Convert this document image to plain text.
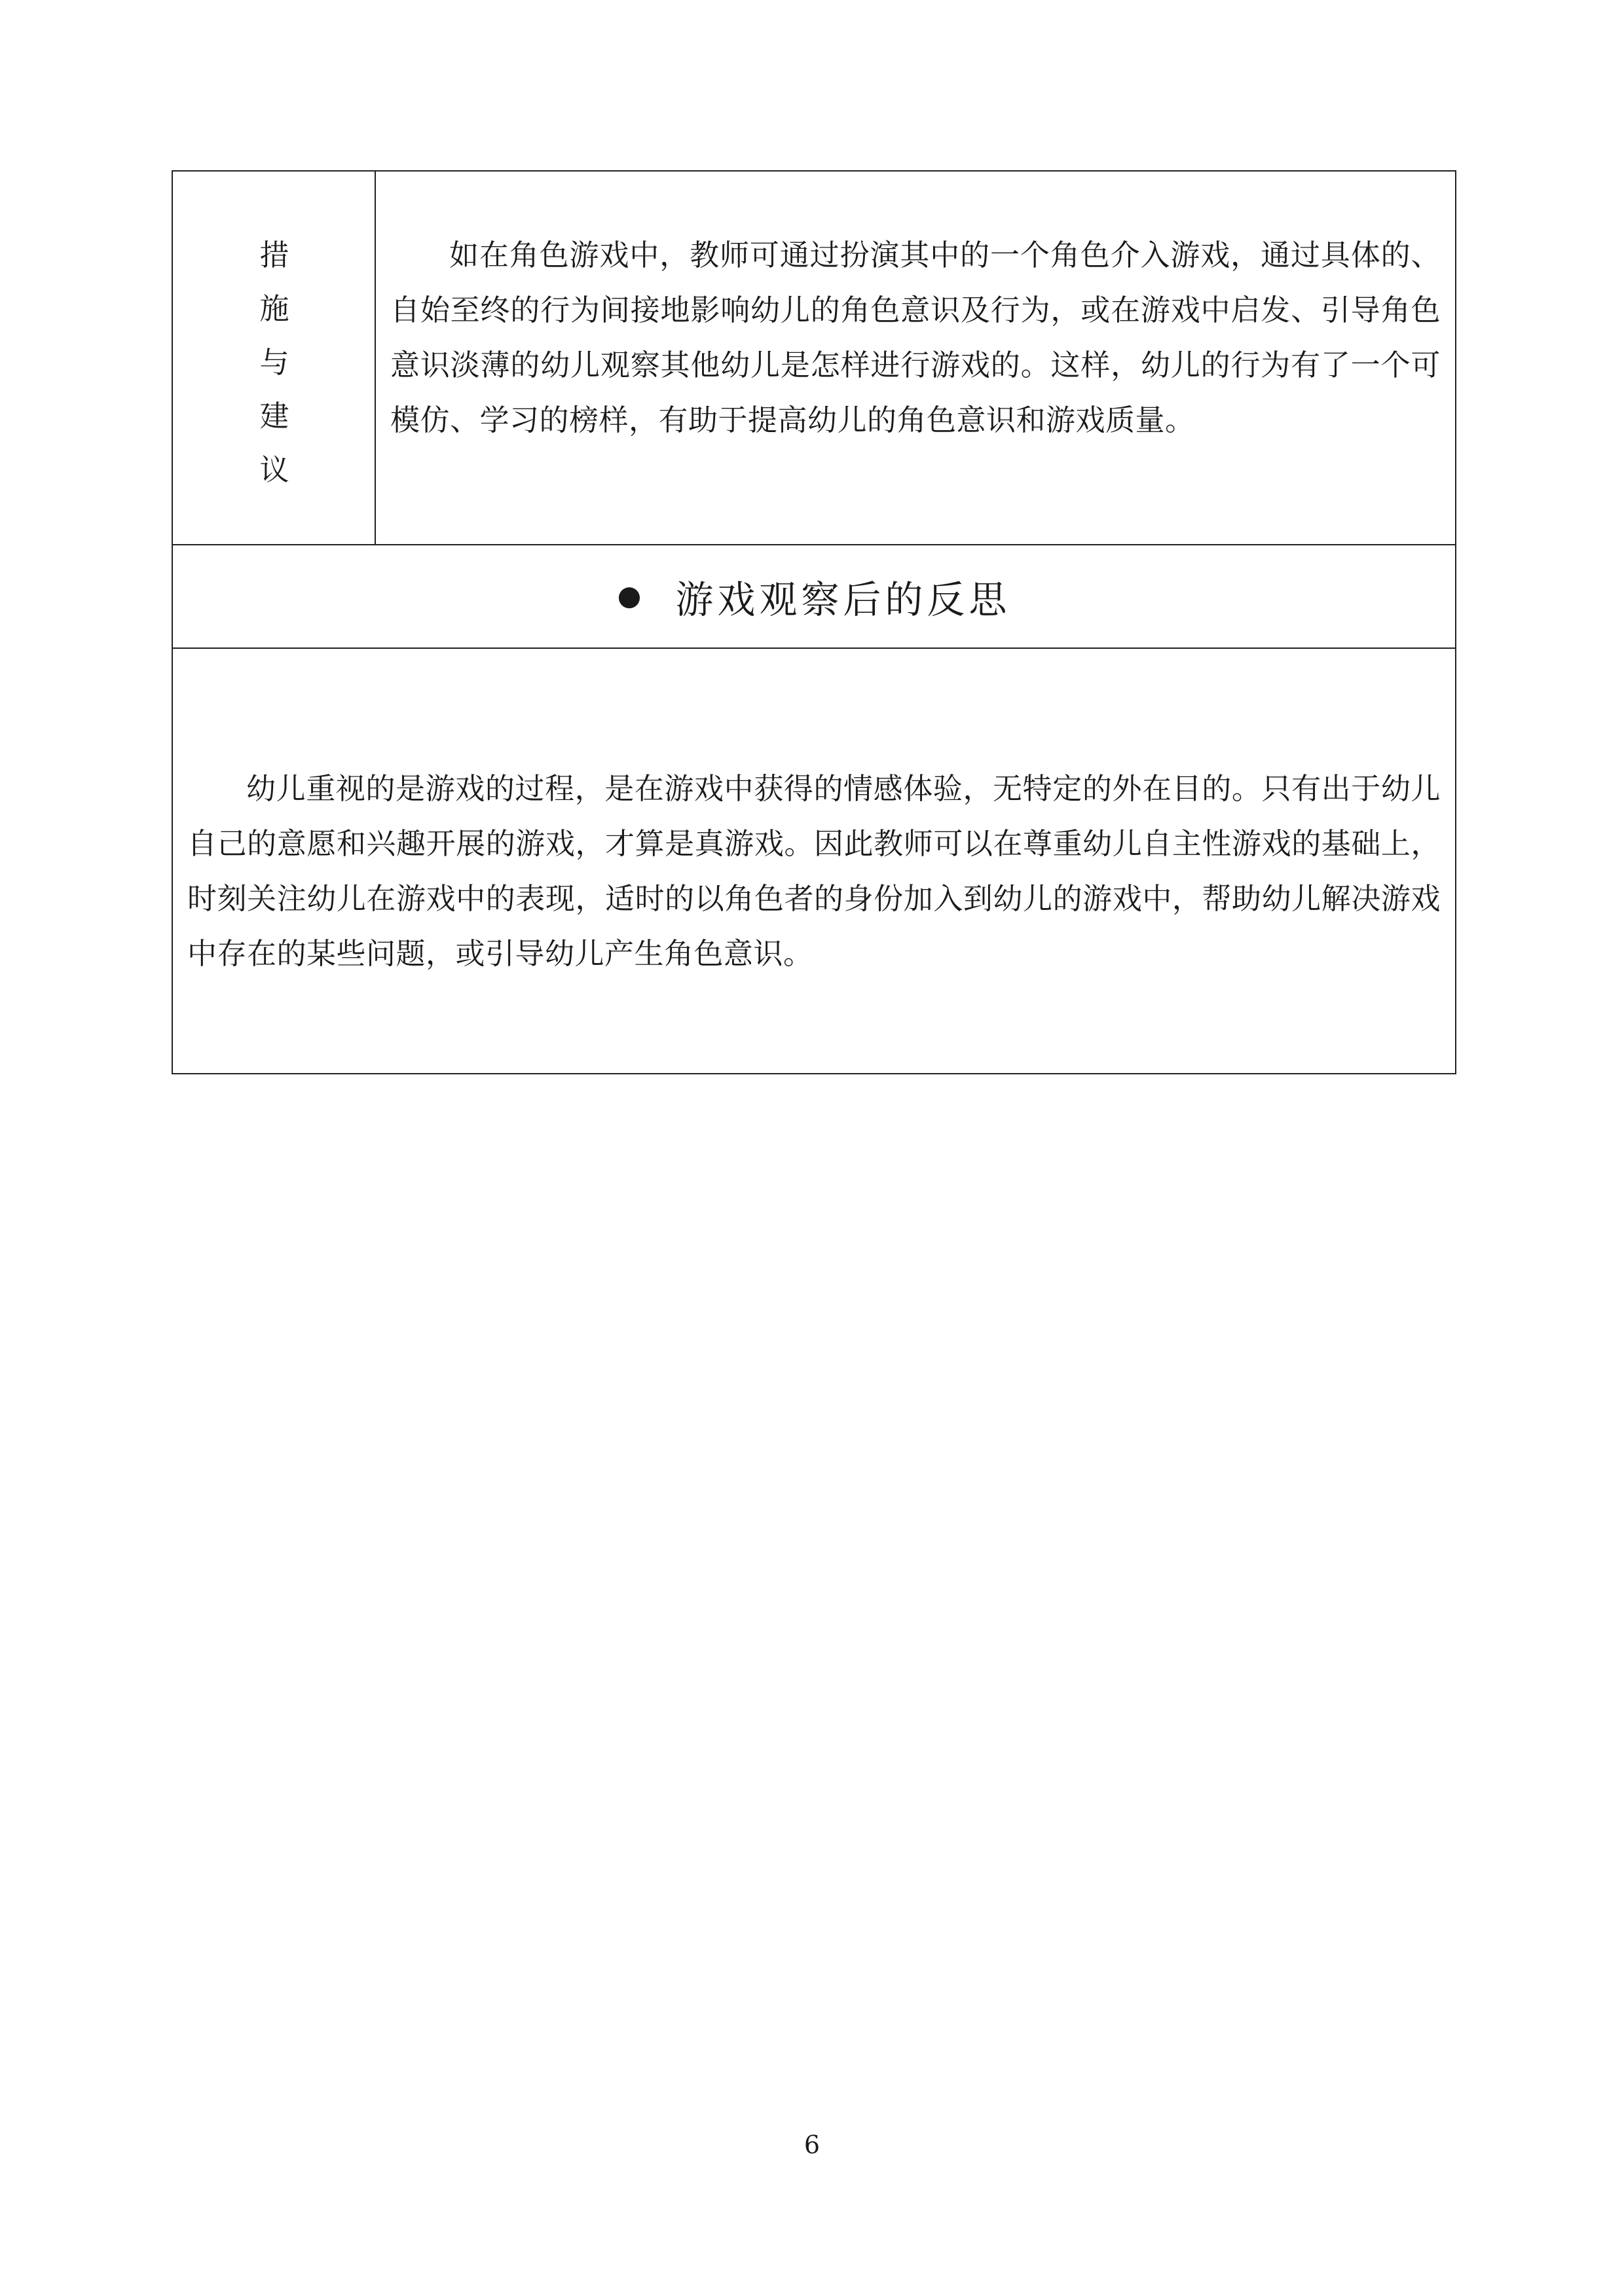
措
施
与
建
议

如在角色游戏中，教师可通过扮演其中的一个角色介入游戏，通过具体的、自始至终的行为间接地影响幼儿的角色意识及行为，或在游戏中启发、引导角色意识淡薄的幼儿观察其他幼儿是怎样进行游戏的。这样，幼儿的行为有了一个可模仿、学习的榜样，有助于提高幼儿的角色意识和游戏质量。

● 游戏观察后的反思

幼儿重视的是游戏的过程，是在游戏中获得的情感体验，无特定的外在目的。只有出于幼儿自己的意愿和兴趣开展的游戏，才算是真游戏。因此教师可以在尊重幼儿自主性游戏的基础上，时刻关注幼儿在游戏中的表现，适时的以角色者的身份加入到幼儿的游戏中，帮助幼儿解决游戏中存在的某些问题，或引导幼儿产生角色意识。

6
